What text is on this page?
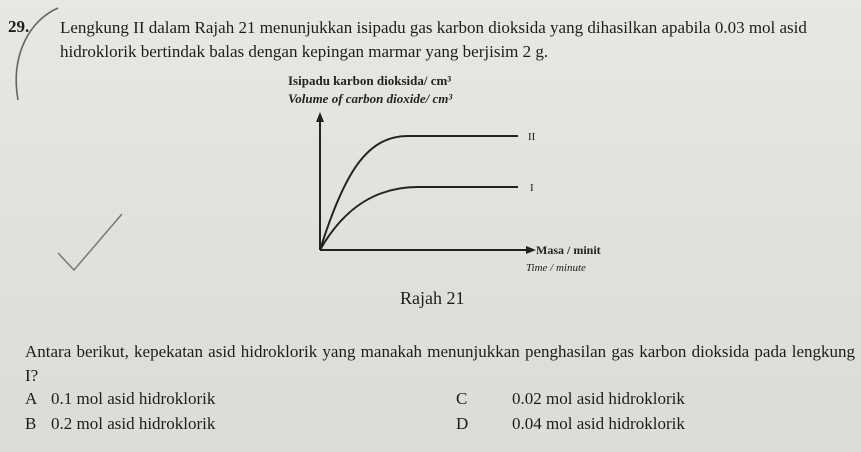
29. Lengkung II dalam Rajah 21 menunjukkan isipadu gas karbon dioksida yang dihasilkan apabila 0.03 mol asid hidroklorik bertindak balas dengan kepingan marmar yang berjisim 2 g.
Isipadu karbon dioksida/ cm³
Volume of carbon dioxide/ cm³
II
I
Masa / minit
Time / minute
Rajah 21
Antara berikut, kepekatan asid hidroklorik yang manakah menunjukkan penghasilan gas karbon dioksida pada lengkung I?
A 0.1 mol asid hidroklorik
B 0.2 mol asid hidroklorik
C	0.02 mol asid hidroklorik
D	0.04 mol asid hidroklorik
